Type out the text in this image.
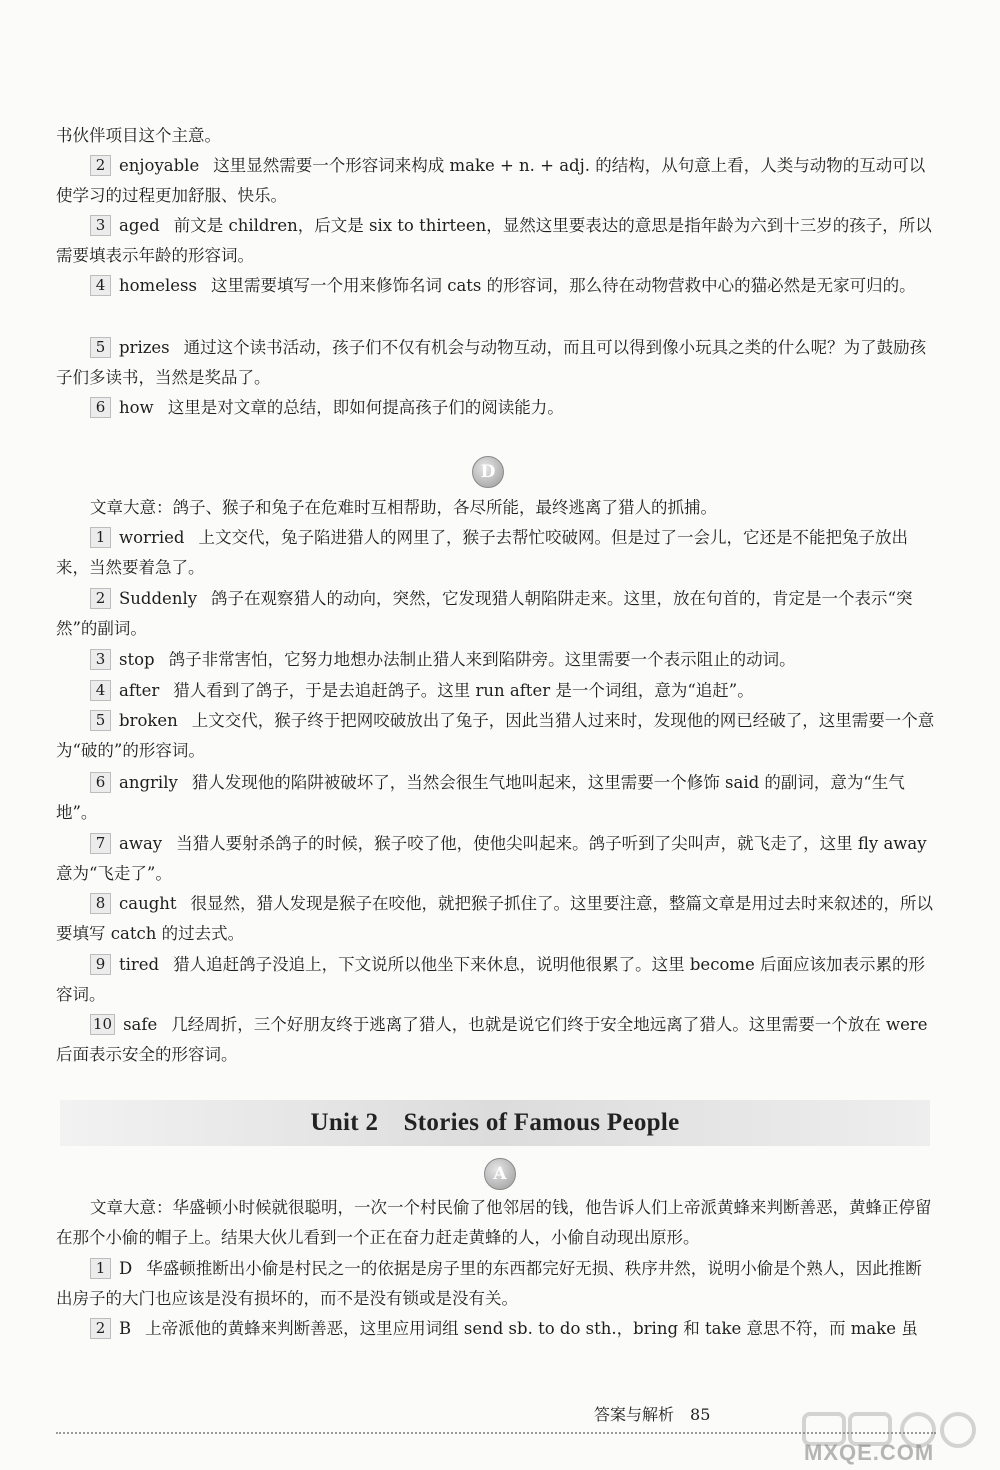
书伙伴项目这个主意。

2 enjoyable 这里显然需要一个形容词来构成 make + n. + adj. 的结构，从句意上看，人类与动物的互动可以使学习的过程更加舒服、快乐。

3 aged 前文是 children，后文是 six to thirteen，显然这里要表达的意思是指年龄为六到十三岁的孩子，所以需要填表示年龄的形容词。

4 homeless 这里需要填写一个用来修饰名词 cats 的形容词，那么待在动物营救中心的猫必然是无家可归的。

5 prizes 通过这个读书活动，孩子们不仅有机会与动物互动，而且可以得到像小玩具之类的什么呢？为了鼓励孩子们多读书，当然是奖品了。

6 how 这里是对文章的总结，即如何提高孩子们的阅读能力。

D

文章大意：鸽子、猴子和兔子在危难时互相帮助，各尽所能，最终逃离了猎人的抓捕。

1 worried 上文交代，兔子陷进猎人的网里了，猴子去帮忙咬破网。但是过了一会儿，它还是不能把兔子放出来，当然要着急了。

2 Suddenly 鸽子在观察猎人的动向，突然，它发现猎人朝陷阱走来。这里，放在句首的，肯定是一个表示“突然”的副词。

3 stop 鸽子非常害怕，它努力地想办法制止猎人来到陷阱旁。这里需要一个表示阻止的动词。

4 after 猎人看到了鸽子，于是去追赶鸽子。这里 run after 是一个词组，意为“追赶”。

5 broken 上文交代，猴子终于把网咬破放出了兔子，因此当猎人过来时，发现他的网已经破了，这里需要一个意为“破的”的形容词。

6 angrily 猎人发现他的陷阱被破坏了，当然会很生气地叫起来，这里需要一个修饰 said 的副词，意为“生气地”。

7 away 当猎人要射杀鸽子的时候，猴子咬了他，使他尖叫起来。鸽子听到了尖叫声，就飞走了，这里 fly away 意为“飞走了”。

8 caught 很显然，猎人发现是猴子在咬他，就把猴子抓住了。这里要注意，整篇文章是用过去时来叙述的，所以要填写 catch 的过去式。

9 tired 猎人追赶鸽子没追上，下文说所以他坐下来休息，说明他很累了。这里 become 后面应该加表示累的形容词。

10 safe 几经周折，三个好朋友终于逃离了猎人，也就是说它们终于安全地远离了猎人。这里需要一个放在 were 后面表示安全的形容词。

Unit 2　Stories of Famous People
A

文章大意：华盛顿小时候就很聪明，一次一个村民偷了他邻居的钱，他告诉人们上帝派黄蜂来判断善恶，黄蜂正停留在那个小偷的帽子上。结果大伙儿看到一个正在奋力赶走黄蜂的人，小偷自动现出原形。

1 D 华盛顿推断出小偷是村民之一的依据是房子里的东西都完好无损、秩序井然，说明小偷是个熟人，因此推断出房子的大门也应该是没有损坏的，而不是没有锁或是没有关。

2 B 上帝派他的黄蜂来判断善恶，这里应用词组 send sb. to do sth.，bring 和 take 意思不符，而 make 虽

答案与解析 85
MXQE.COM
